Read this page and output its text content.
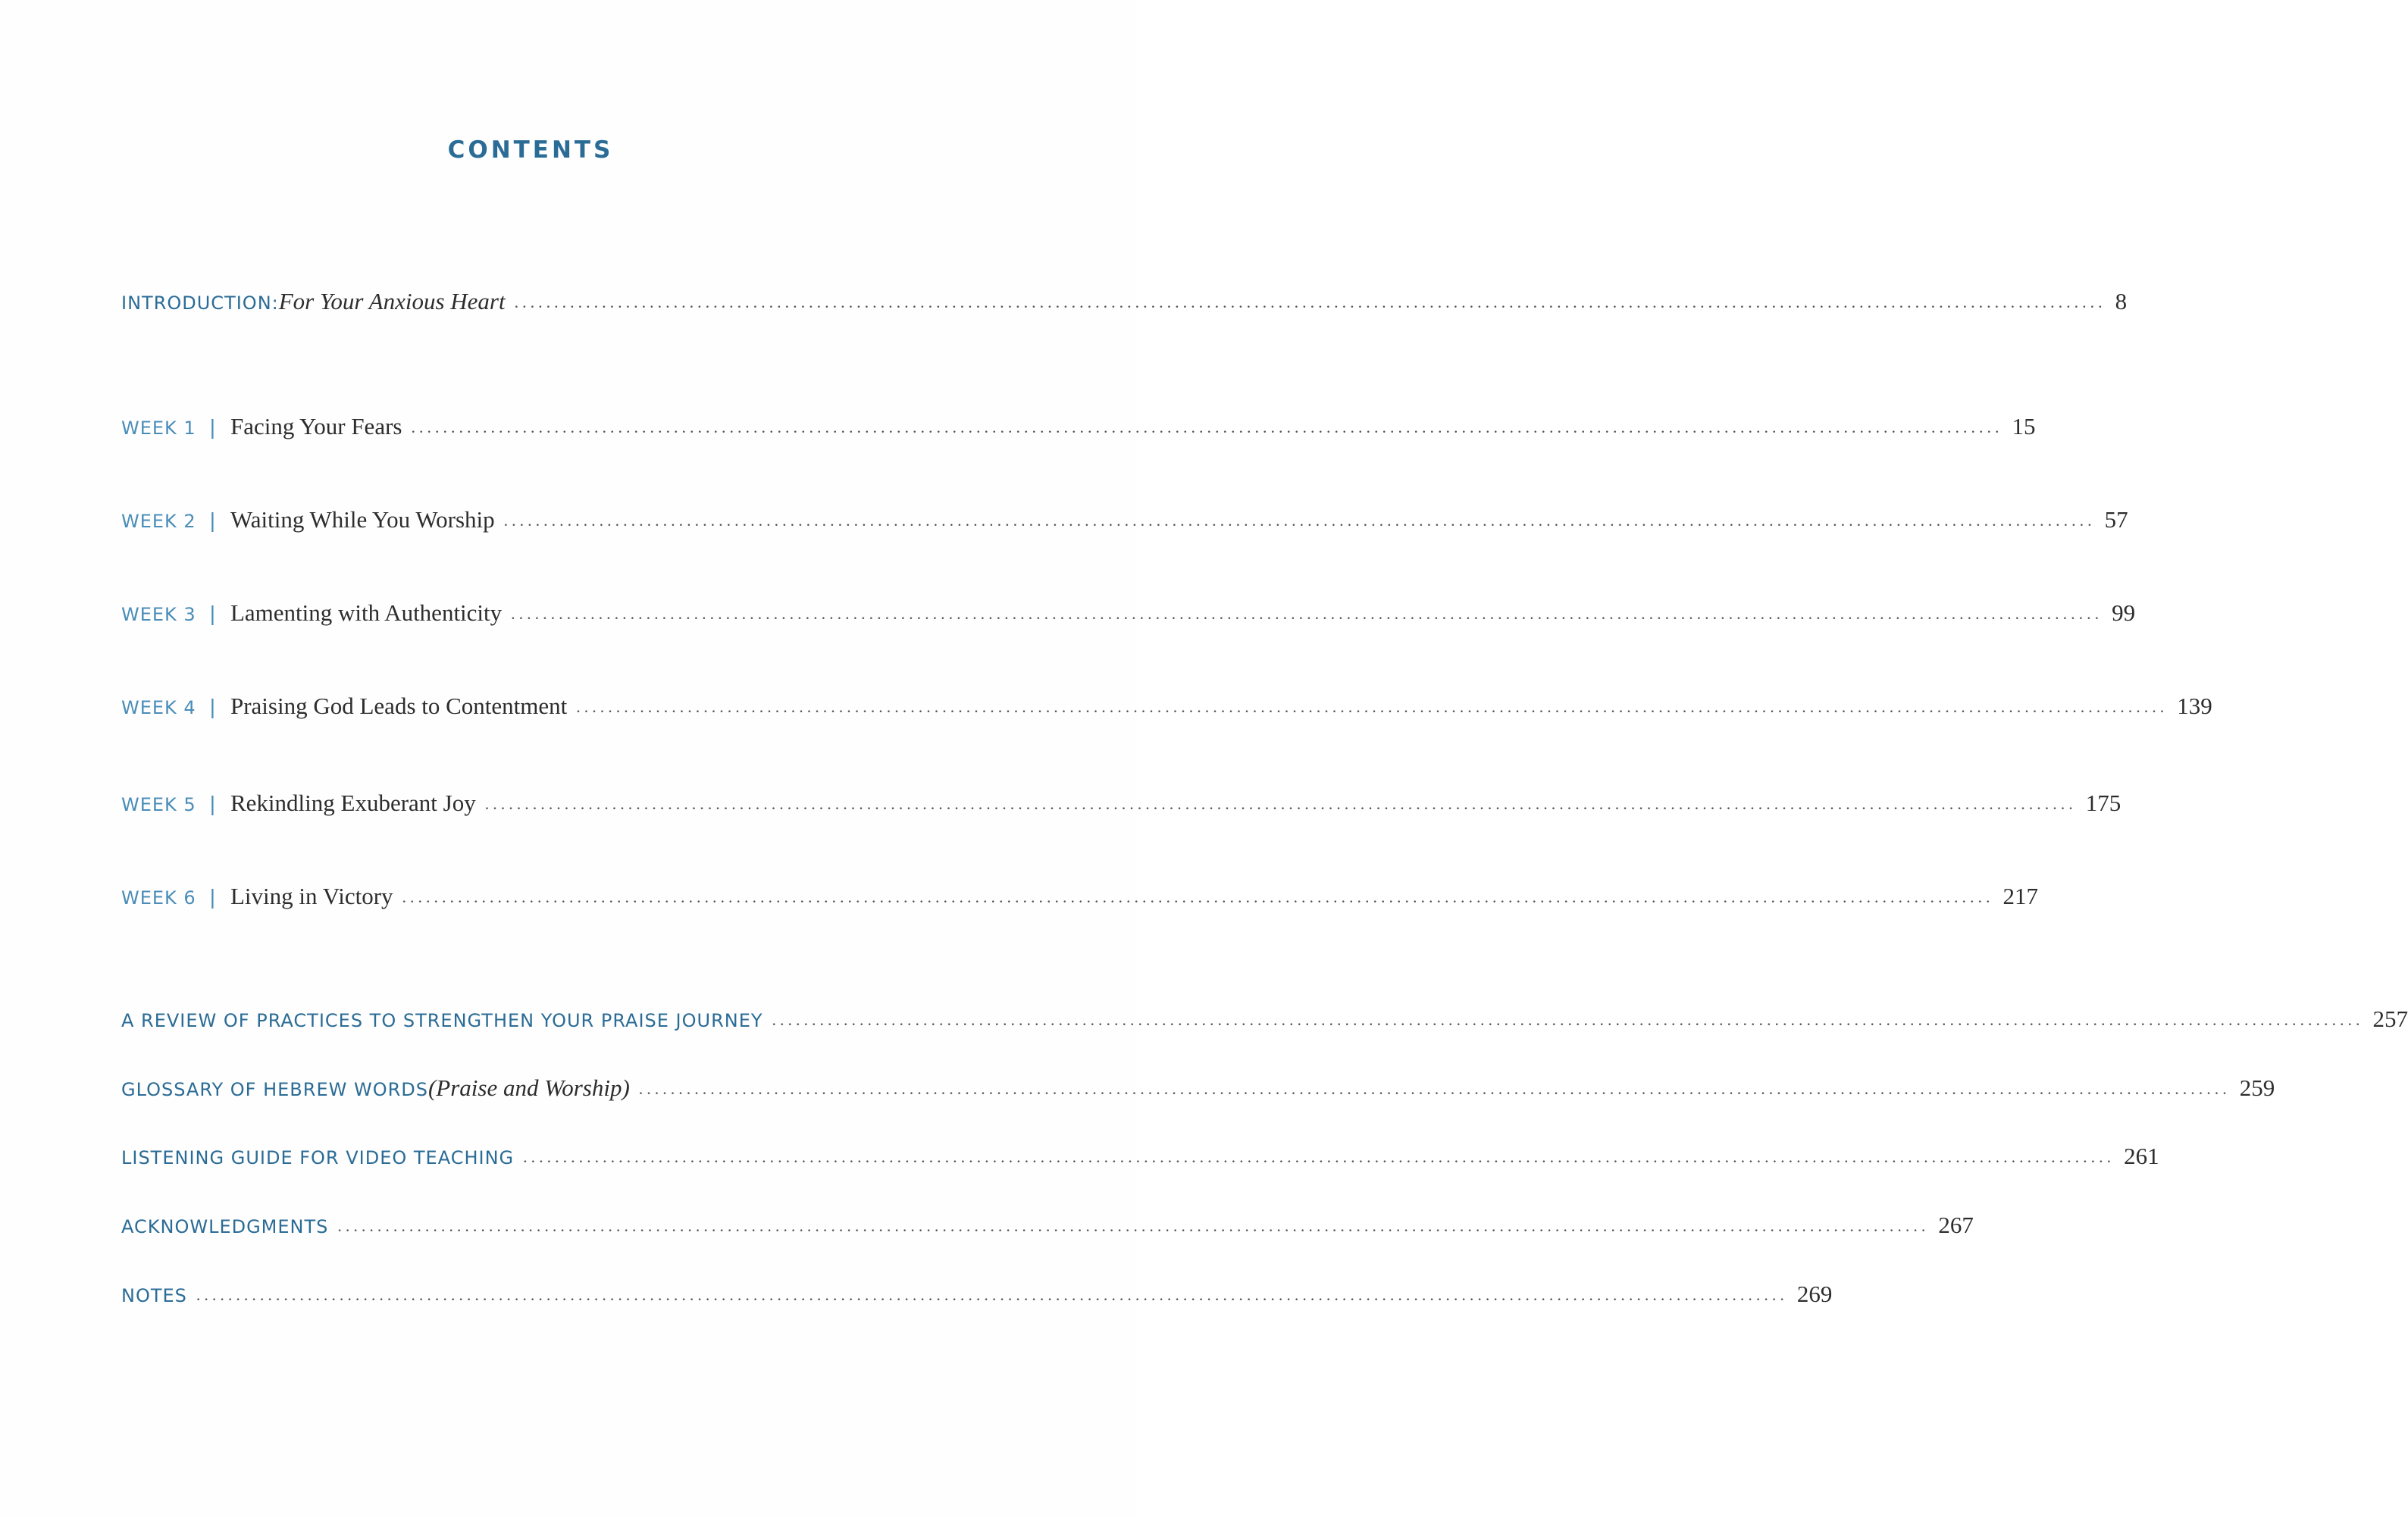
CONTENTS
INTRODUCTION: For Your Anxious Heart ........................................................................................................................................................................................................ 8
WEEK 1 | Facing Your Fears ........................................................................................................................................................................................................ 15
WEEK 2 | Waiting While You Worship ........................................................................................................................................................................................................ 57
WEEK 3 | Lamenting with Authenticity ........................................................................................................................................................................................................ 99
WEEK 4 | Praising God Leads to Contentment ........................................................................................................................................................................................................ 139
WEEK 5 | Rekindling Exuberant Joy ........................................................................................................................................................................................................ 175
WEEK 6 | Living in Victory ........................................................................................................................................................................................................ 217
A REVIEW OF PRACTICES TO STRENGTHEN YOUR PRAISE JOURNEY ........................................................................................................................................................................................................ 257
GLOSSARY OF HEBREW WORDS (Praise and Worship) ........................................................................................................................................................................................................ 259
LISTENING GUIDE FOR VIDEO TEACHING ........................................................................................................................................................................................................ 261
ACKNOWLEDGMENTS ........................................................................................................................................................................................................ 267
NOTES ........................................................................................................................................................................................................ 269
